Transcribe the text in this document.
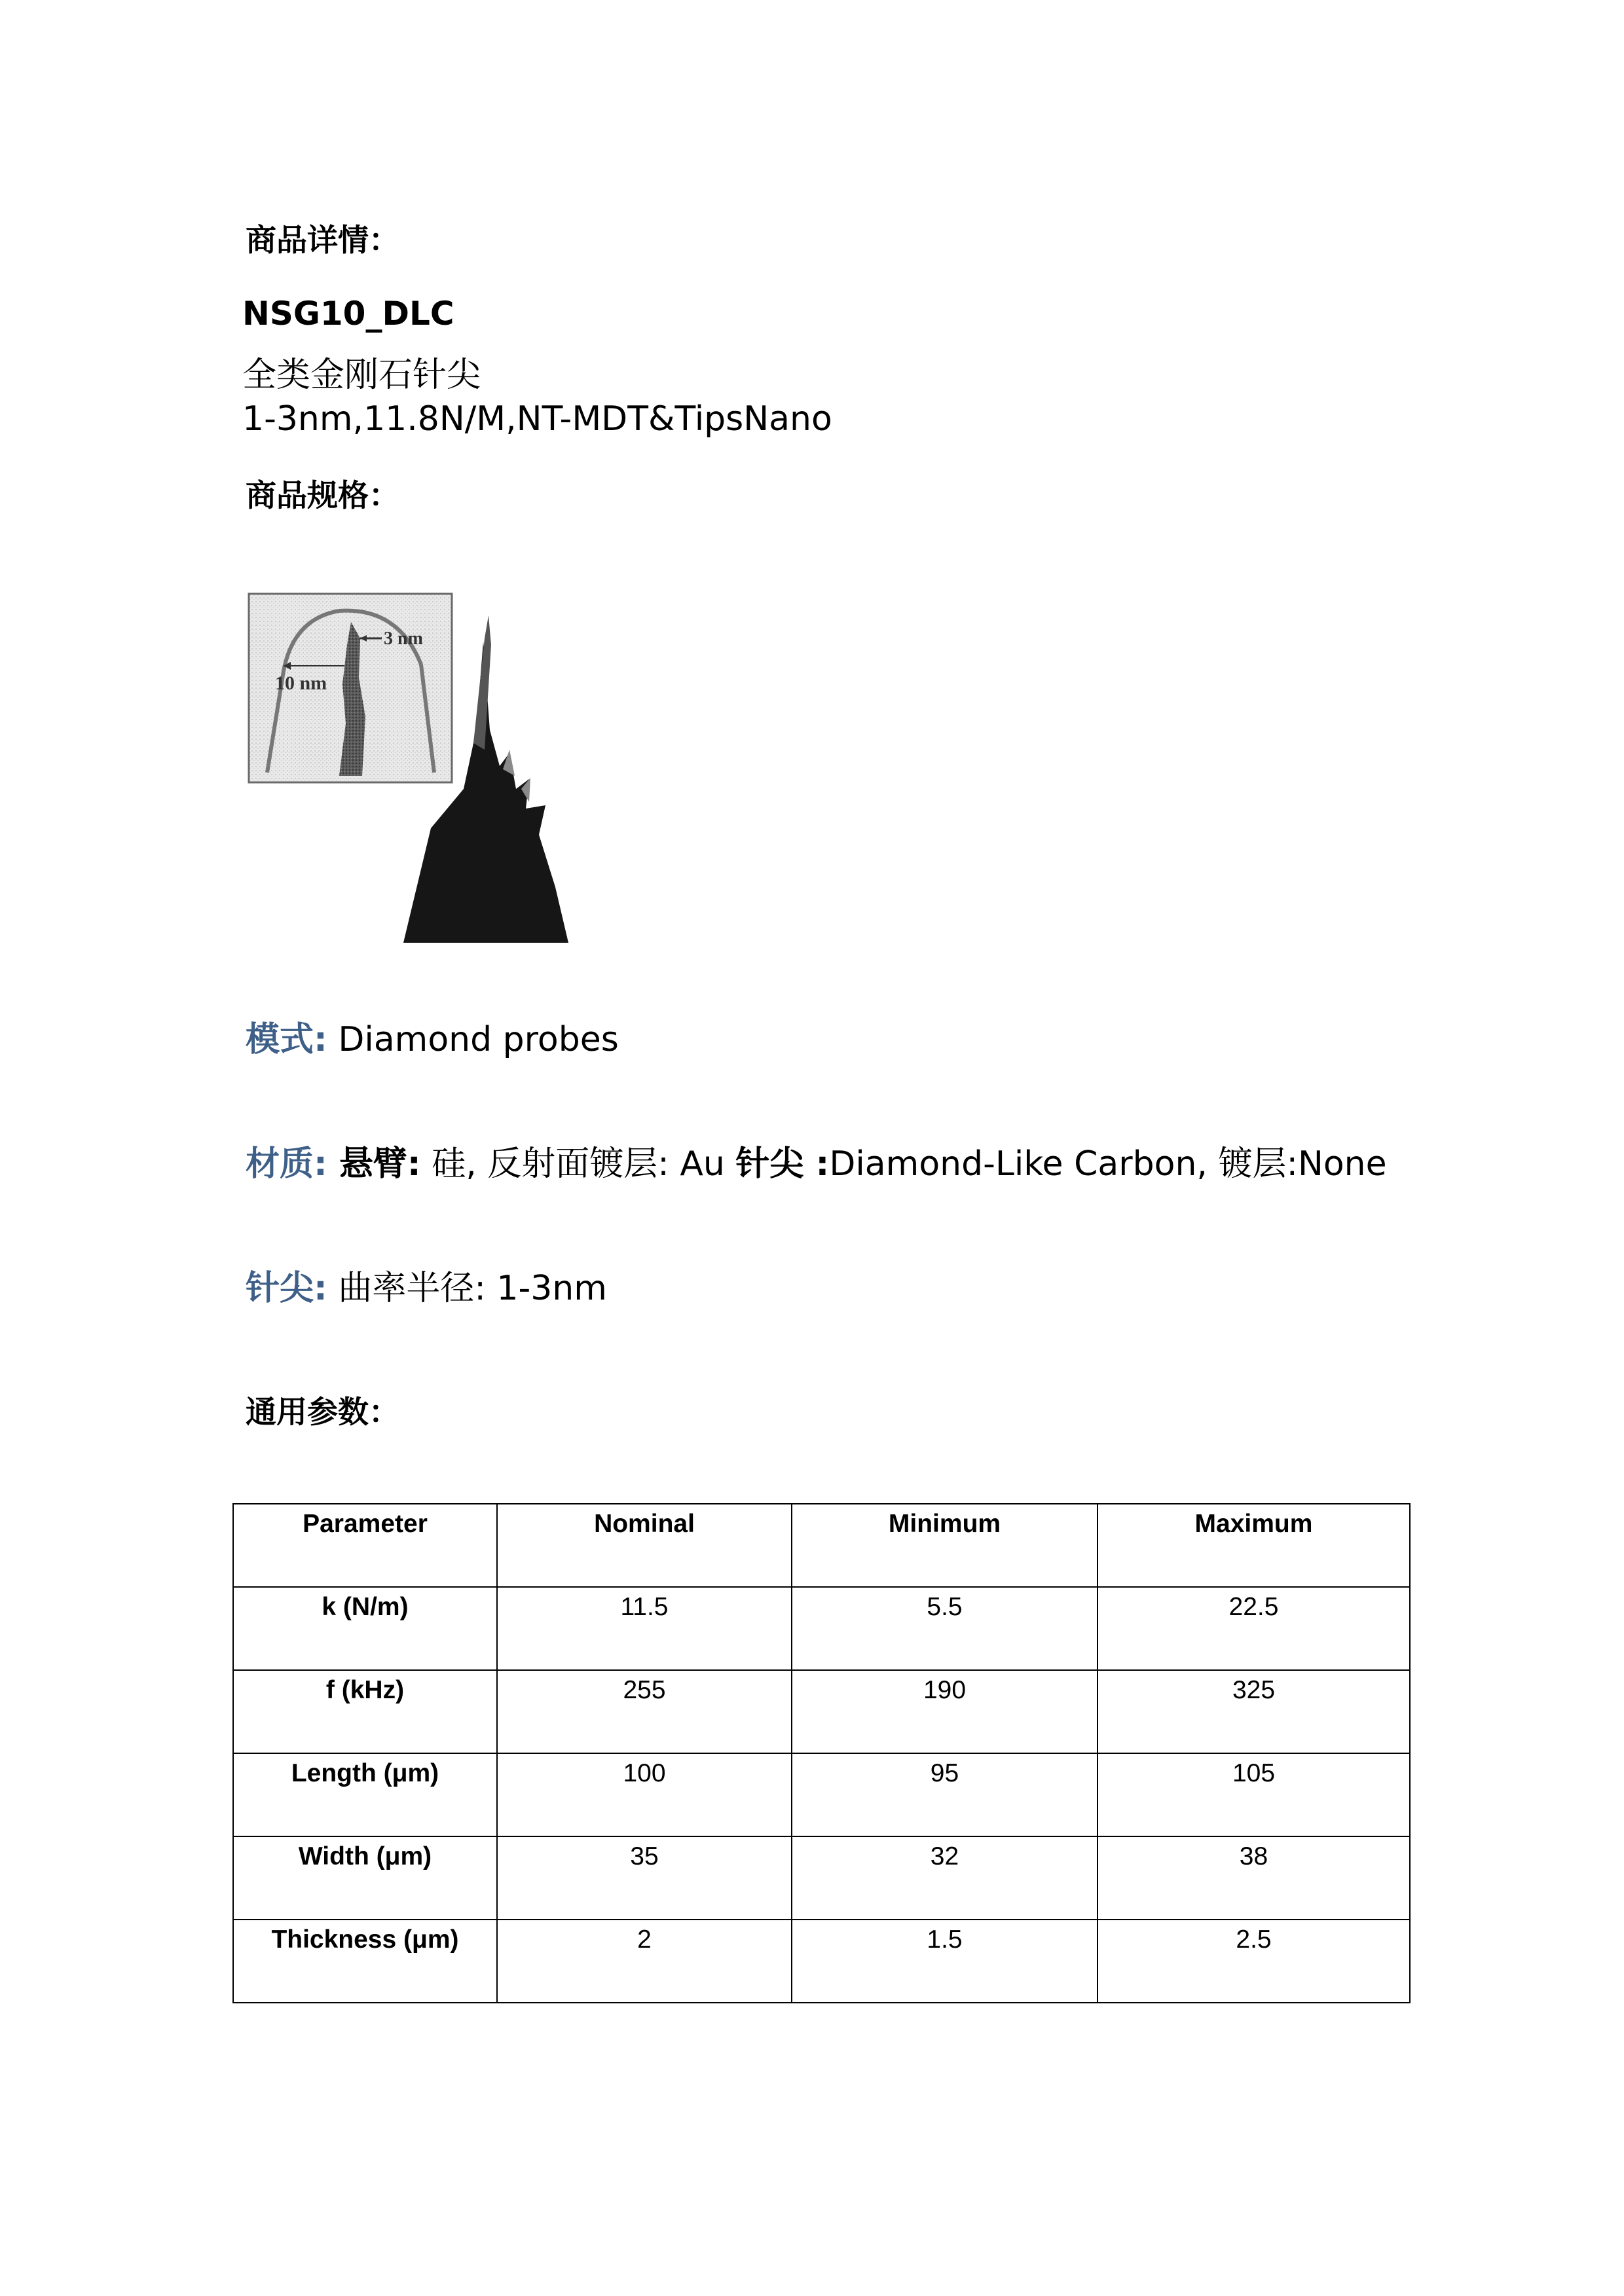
商品详情：
NSG10_DLC
全类金刚石针尖
1-3nm,11.8N/M,NT-MDT&TipsNano
商品规格：
3 nm
10 nm
模式: Diamond probes
材质: 悬臂: 硅, 反射面镀层: Au 针尖 :Diamond-Like Carbon, 镀层:None
针尖: 曲率半径: 1-3nm
通用参数：
Parameter	Nominal	Minimum	Maximum
k (N/m)	11.5	5.5	22.5
f (kHz)	255	190	325
Length (μm)	100	95	105
Width (μm)	35	32	38
Thickness (μm)	2	1.5	2.5
